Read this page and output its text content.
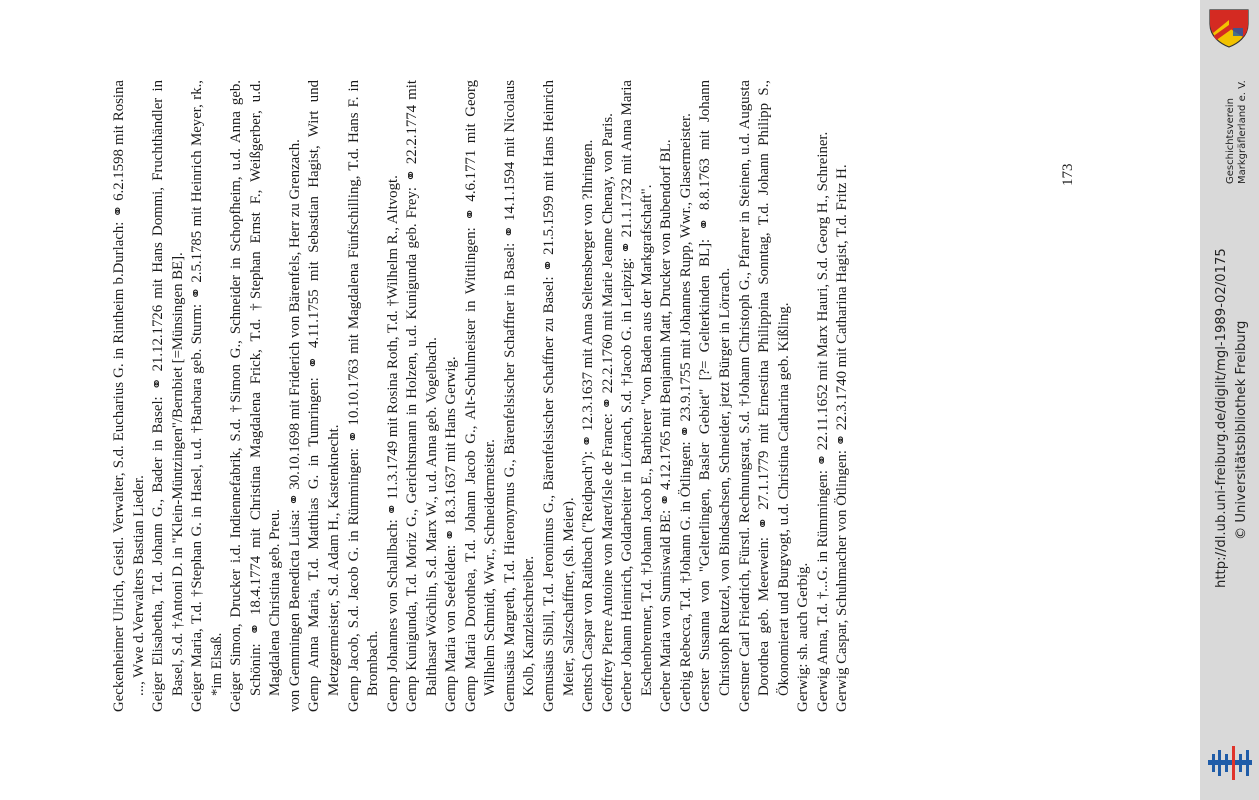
Geckenheimer Ulrich, Geistl. Verwalter, S.d. Eucharius G. in Rintheim b.Durlach: ⚭ 6.2.1598 mit Rosina ..., Wwe d.Verwalters Bastian Lieder. Geiger Elisabetha, T.d. Johann G., Bader in Basel: ⚭ 21.12.1726 mit Hans Dommi, Fruchthändler in Basel, S.d. †Antoni D. in "Klein-Müntzingen"/Bernbiet [=Münsingen BE]. Geiger Maria, T.d. †Stephan G. in Hasel, u.d. †Barbara geb. Sturm: ⚭ 2.5.1785 mit Heinrich Meyer, rk., *im Elsaß. Geiger Simon, Drucker i.d. Indiennefabrik, S.d. †Simon G., Schneider in Schopfheim, u.d. Anna geb. Schönin: ⚭ 18.4.1774 mit Christina Magdalena Frick, T.d. †Stephan Ernst F., Weißgerber, u.d. Magdalena Christina geb. Preu. von Gemmingen Benedicta Luisa: ⚭ 30.10.1698 mit Friderich von Bärenfels, Herr zu Grenzach. Gemp Anna Maria, T.d. Matthias G. in Tumringen: ⚭ 4.11.1755 mit Sebastian Hagist, Wirt und Metzgermeister, S.d. Adam H., Kastenknecht. Gemp Jacob, S.d. Jacob G. in Rümmingen: ⚭ 10.10.1763 mit Magdalena Fünfschilling, T.d. Hans F. in Brombach. Gemp Johannes von Schallbach: ⚭ 11.3.1749 mit Rosina Roth, T.d. †Wilhelm R., Altvogt. Gemp Kunigunda, T.d. Moriz G., Gerichtsmann in Holzen, u.d. Kunigunda geb. Frey: ⚭ 22.2.1774 mit Balthasar Wöchlin, S.d. Marx W., u.d. Anna geb. Vogelbach. Gemp Maria von Seefelden: ⚭ 18.3.1637 mit Hans Gerwig. Gemp Maria Dorothea, T.d. Johann Jacob G., Alt-Schulmeister in Wittlingen: ⚭ 4.6.1771 mit Georg Wilhelm Schmidt, Wwr., Schneidermeister. Gemusäus Margreth, T.d. Hieronymus G., Bärenfelsischer Schaffner in Basel: ⚭ 14.1.1594 mit Nicolaus Kolb, Kanzleischreiber. Gemusäus Sibill, T.d. Jeronimus G., Bärenfelsischer Schaffner zu Basel: ⚭ 21.5.1599 mit Hans Heinrich Meier, Salzschaffner, (sh. Meier). Gentsch Caspar von Raitbach ("Reidpach"): ⚭ 12.3.1637 mit Anna Seltensberger von ?Ihringen. Geoffrey Pierre Antoine von Maret/Isle de France: ⚭ 22.2.1760 mit Marie Jeanne Chenay, von Paris. Gerber Johann Heinrich, Goldarbeiter in Lörrach, S.d. †Jacob G. in Leipzig: ⚭ 21.1.1732 mit Anna Maria Eschenbrenner, T.d. †Johann Jacob E., Barbierer "von Baden aus der Markgrafschaft". Gerber Maria von Sumiswald BE: ⚭ 4.12.1765 mit Benjamin Matt, Drucker von Bubendorf BL. Gerbig Rebecca, T.d. †Johann G. in Ötlingen: ⚭ 23.9.1755 mit Johannes Rupp, Wwr., Glasermeister. Gerster Susanna von "Gelterlingen, Basler Gebiet" [?= Gelterkinden BL]: ⚭ 8.8.1763 mit Johann Christoph Reutzel, von Bindsachsen, Schneider, jetzt Bürger in Lörrach. Gerstner Carl Friedrich, Fürstl. Rechnungsrat, S.d. †Johann Christoph G., Pfarrer in Steinen, u.d. Augusta Dorothea geb. Meerwein: ⚭ 27.1.1779 mit Ernestina Philippina Sonntag, T.d. Johann Philipp S., Ökonomierat und Burgvogt, u.d. Christina Catharina geb. Kißling. Gerwig: sh. auch Gerbig. Gerwig Anna, T.d. †...G. in Rümmingen: ⚭ 22.11.1652 mit Marx Hauri, S.d. Georg H., Schreiner. Gerwig Caspar, Schuhmacher von Ötlingen: ⚭ 22.3.1740 mit Catharina Hagist, T.d. Fritz H.	173	Geschichtsverein Markgräflerland e. V.
http://dl.ub.uni-freiburg.de/diglit/mgl-1989-02/0175 © Universitätsbibliothek Freiburg
